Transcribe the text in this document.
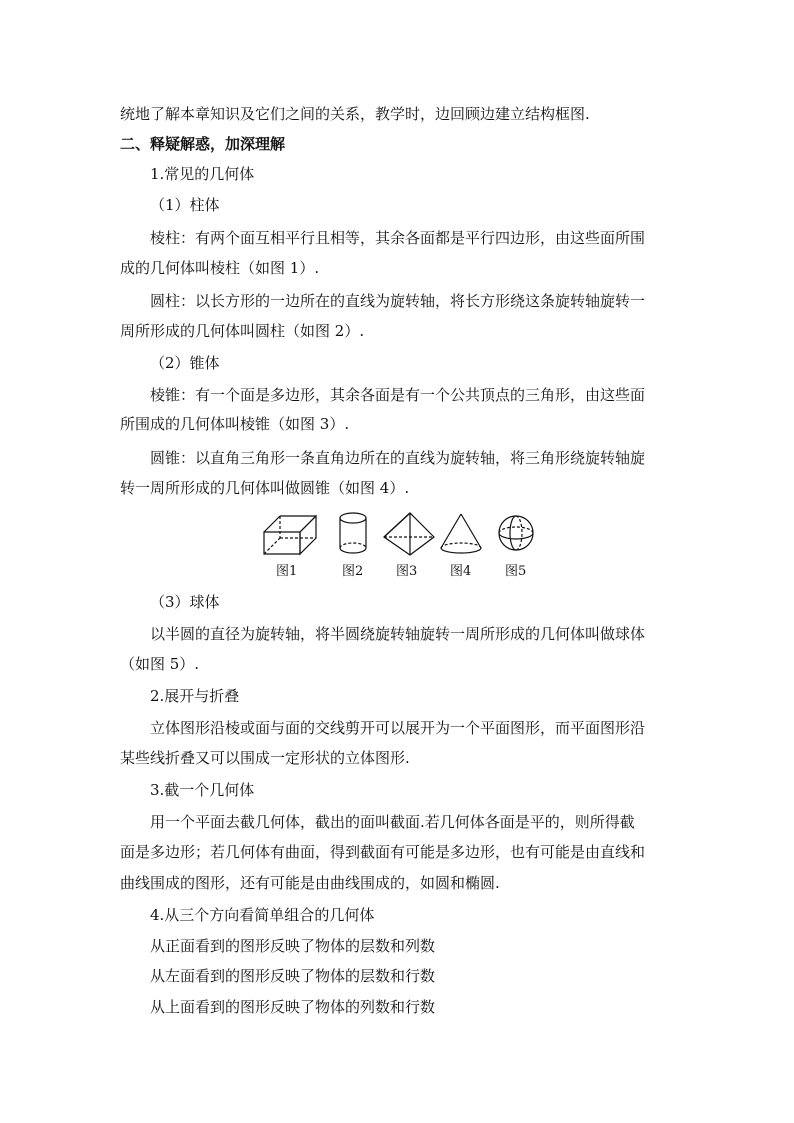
统地了解本章知识及它们之间的关系，教学时，边回顾边建立结构框图.
二、释疑解惑，加深理解
1.常见的几何体
（1）柱体
棱柱：有两个面互相平行且相等，其余各面都是平行四边形，由这些面所围
成的几何体叫棱柱（如图 1）.
圆柱：以长方形的一边所在的直线为旋转轴，将长方形绕这条旋转轴旋转一
周所形成的几何体叫圆柱（如图 2）.
（2）锥体
棱锥：有一个面是多边形，其余各面是有一个公共顶点的三角形，由这些面
所围成的几何体叫棱锥（如图 3）.
圆锥：以直角三角形一条直角边所在的直线为旋转轴，将三角形绕旋转轴旋
转一周所形成的几何体叫做圆锥（如图 4）.
图1	图2	图3	图4	图5
（3）球体
以半圆的直径为旋转轴，将半圆绕旋转轴旋转一周所形成的几何体叫做球体
（如图 5）.
2.展开与折叠
立体图形沿棱或面与面的交线剪开可以展开为一个平面图形，而平面图形沿
某些线折叠又可以围成一定形状的立体图形.
3.截一个几何体
用一个平面去截几何体，截出的面叫截面.若几何体各面是平的，则所得截
面是多边形；若几何体有曲面，得到截面有可能是多边形，也有可能是由直线和
曲线围成的图形，还有可能是由曲线围成的，如圆和椭圆.
4.从三个方向看简单组合的几何体
从正面看到的图形反映了物体的层数和列数
从左面看到的图形反映了物体的层数和行数
从上面看到的图形反映了物体的列数和行数
